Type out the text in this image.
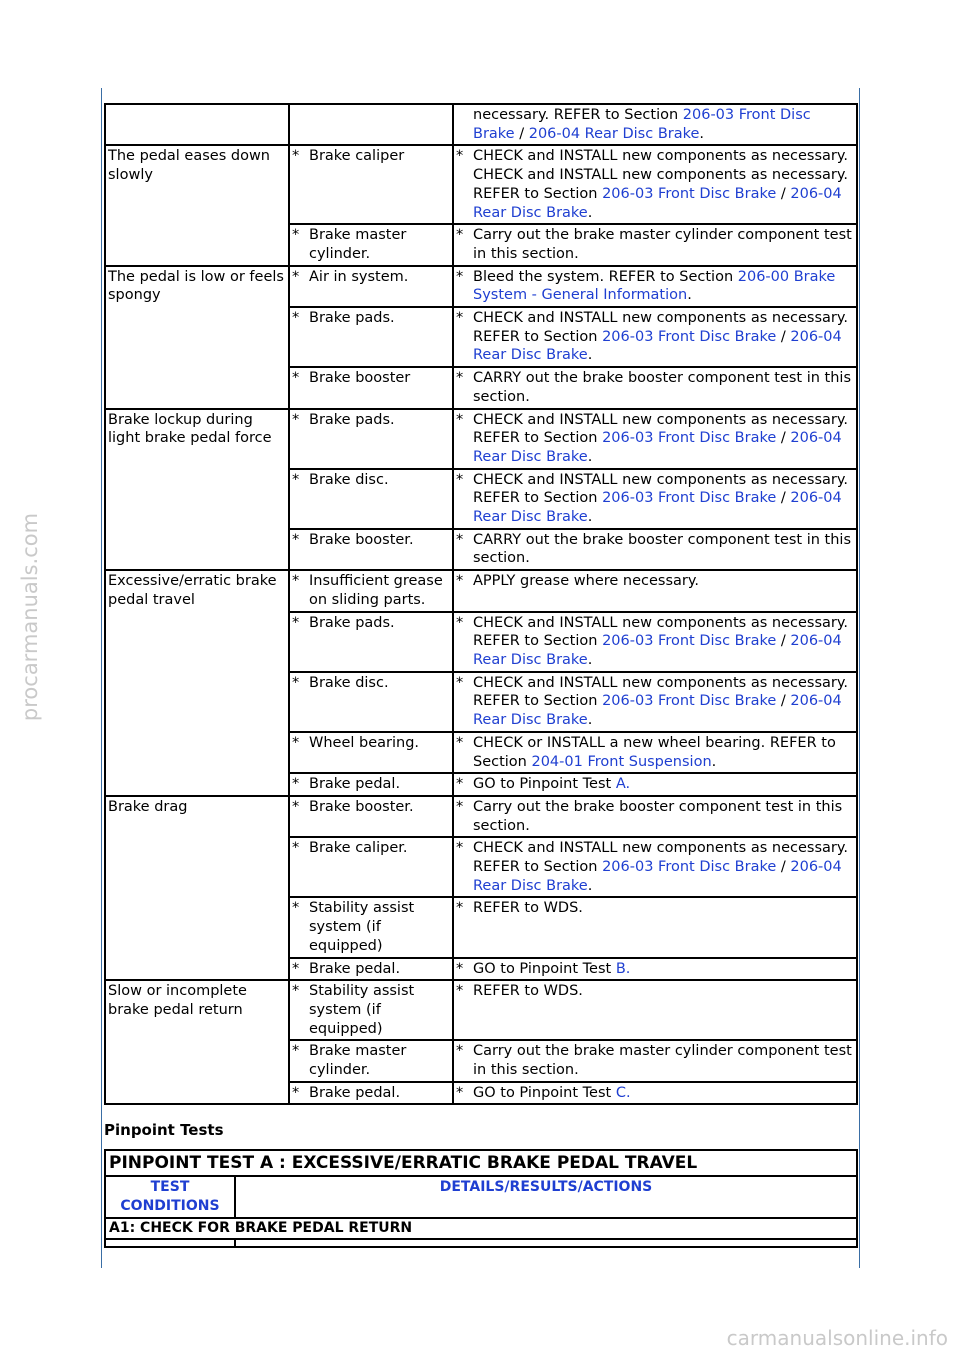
procarmanuals.com
carmanualsonline.info

		necessary. REFER to Section 206-03 Front Disc Brake / 206-04 Rear Disc Brake.

The pedal eases down slowly	* Brake caliper	* CHECK and INSTALL new components as necessary. CHECK and INSTALL new components as necessary. REFER to Section 206-03 Front Disc Brake / 206-04 Rear Disc Brake.

	* Brake master cylinder.	* Carry out the brake master cylinder component test in this section.

The pedal is low or feels spongy	* Air in system.	* Bleed the system. REFER to Section 206-00 Brake System - General Information.

	* Brake pads.	* CHECK and INSTALL new components as necessary. REFER to Section 206-03 Front Disc Brake / 206-04 Rear Disc Brake.

	* Brake booster	* CARRY out the brake booster component test in this section.

Brake lockup during light brake pedal force	* Brake pads.	* CHECK and INSTALL new components as necessary. REFER to Section 206-03 Front Disc Brake / 206-04 Rear Disc Brake.

	* Brake disc.	* CHECK and INSTALL new components as necessary. REFER to Section 206-03 Front Disc Brake / 206-04 Rear Disc Brake.

	* Brake booster.	* CARRY out the brake booster component test in this section.

Excessive/erratic brake pedal travel	* Insufficient grease on sliding parts.	* APPLY grease where necessary.

	* Brake pads.	* CHECK and INSTALL new components as necessary. REFER to Section 206-03 Front Disc Brake / 206-04 Rear Disc Brake.

	* Brake disc.	* CHECK and INSTALL new components as necessary. REFER to Section 206-03 Front Disc Brake / 206-04 Rear Disc Brake.

	* Wheel bearing.	* CHECK or INSTALL a new wheel bearing. REFER to Section 204-01 Front Suspension.

	* Brake pedal.	* GO to Pinpoint Test A.

Brake drag	* Brake booster.	* Carry out the brake booster component test in this section.

	* Brake caliper.	* CHECK and INSTALL new components as necessary. REFER to Section 206-03 Front Disc Brake / 206-04 Rear Disc Brake.

	* Stability assist system (if equipped)	* REFER to WDS.

	* Brake pedal.	* GO to Pinpoint Test B.

Slow or incomplete brake pedal return	* Stability assist system (if equipped)	* REFER to WDS.

	* Brake master cylinder.	* Carry out the brake master cylinder component test in this section.

	* Brake pedal.	* GO to Pinpoint Test C.
Pinpoint Tests
PINPOINT TEST A : EXCESSIVE/ERRATIC BRAKE PEDAL TRAVEL	
TEST CONDITIONS	DETAILS/RESULTS/ACTIONS
A1: CHECK FOR BRAKE PEDAL RETURN	
